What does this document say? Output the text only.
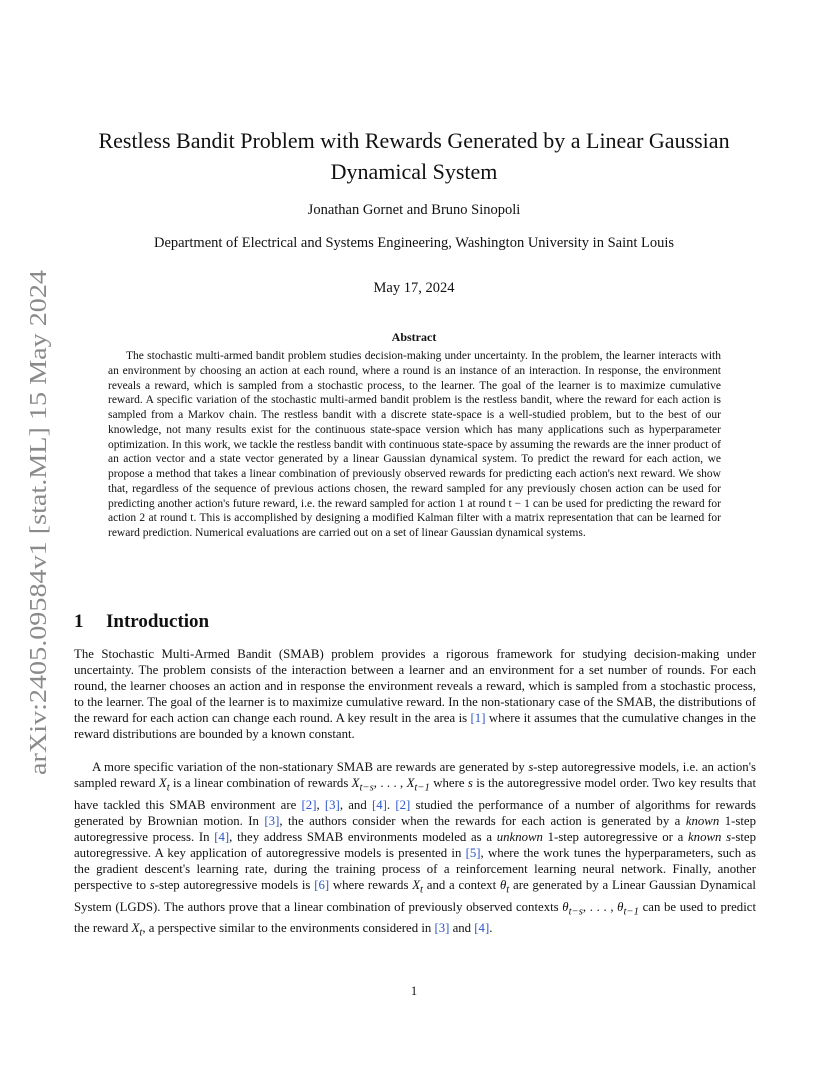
arXiv:2405.09584v1 [stat.ML] 15 May 2024
Restless Bandit Problem with Rewards Generated by a Linear Gaussian
Dynamical System
Jonathan Gornet and Bruno Sinopoli
Department of Electrical and Systems Engineering, Washington University in Saint Louis
May 17, 2024
Abstract

The stochastic multi-armed bandit problem studies decision-making under uncertainty. In the problem, the learner interacts with an environment by choosing an action at each round, where a round is an instance of an interaction. In response, the environment reveals a reward, which is sampled from a stochastic process, to the learner. The goal of the learner is to maximize cumulative reward. A specific variation of the stochastic multi-armed bandit problem is the restless bandit, where the reward for each action is sampled from a Markov chain. The restless bandit with a discrete state-space is a well-studied problem, but to the best of our knowledge, not many results exist for the continuous state-space version which has many applications such as hyperparameter optimization. In this work, we tackle the restless bandit with continuous state-space by assuming the rewards are the inner product of an action vector and a state vector generated by a linear Gaussian dynamical system. To predict the reward for each action, we propose a method that takes a linear combination of previously observed rewards for predicting each action's next reward. We show that, regardless of the sequence of previous actions chosen, the reward sampled for any previously chosen action can be used for predicting another action's future reward, i.e. the reward sampled for action 1 at round t − 1 can be used for predicting the reward for action 2 at round t. This is accomplished by designing a modified Kalman filter with a matrix representation that can be learned for reward prediction. Numerical evaluations are carried out on a set of linear Gaussian dynamical systems.

1 Introduction

The Stochastic Multi-Armed Bandit (SMAB) problem provides a rigorous framework for studying decision-making under uncertainty. The problem consists of the interaction between a learner and an environment for a set number of rounds. For each round, the learner chooses an action and in response the environment reveals a reward, which is sampled from a stochastic process, to the learner. The goal of the learner is to maximize cumulative reward. In the non-stationary case of the SMAB, the distributions of the reward for each action can change each round. A key result in the area is [1] where it assumes that the cumulative changes in the reward distributions are bounded by a known constant.

A more specific variation of the non-stationary SMAB are rewards are generated by s-step autoregressive models, i.e. an action's sampled reward $X_t$ is a linear combination of rewards $X_{t-s}$, . . . , $X_{t-1}$ where s is the autoregressive model order. Two key results that have tackled this SMAB environment are [2], [3], and [4]. [2] studied the performance of a number of algorithms for rewards generated by Brownian motion. In [3], the authors consider when the rewards for each action is generated by a known 1-step autoregressive process. In [4], they address SMAB environments modeled as a unknown 1-step autoregressive or a known s-step autoregressive. A key application of autoregressive models is presented in [5], where the work tunes the hyperparameters, such as the gradient descent's learning rate, during the training process of a reinforcement learning neural network. Finally, another perspective to s-step autoregressive models is [6] where rewards $X_t$ and a context $\theta_t$ are generated by a Linear Gaussian Dynamical System (LGDS). The authors prove that a linear combination of previously observed contexts $\theta_{t-s}$, . . . , $\theta_{t-1}$ can be used to predict the reward $X_t$, a perspective similar to the environments considered in [3] and [4].

1
